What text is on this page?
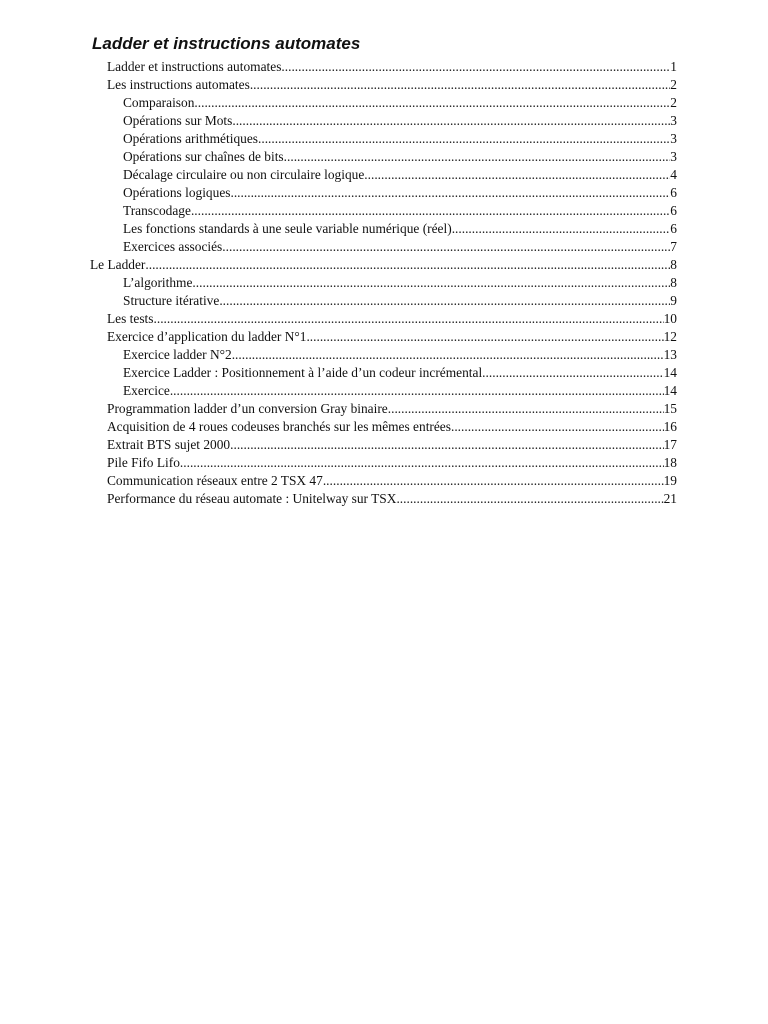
Ladder et instructions automates
Ladder et instructions automates .....	1
Les instructions automates .....	2
Comparaison .....	2
Opérations sur Mots .....	3
Opérations arithmétiques .....	3
Opérations sur chaînes de bits .....	3
Décalage circulaire ou non circulaire logique .....	4
Opérations logiques .....	6
Transcodage .....	6
Les fonctions standards à une seule variable numérique (réel) .....	6
Exercices associés .....	7
Le Ladder .....	8
L’algorithme .....	8
Structure itérative .....	9
Les tests .....	10
Exercice d’application du ladder N°1 .....	12
Exercice ladder N°2 .....	13
Exercice Ladder : Positionnement à l’aide d’un codeur incrémental .....	14
Exercice .....	14
Programmation ladder d’un conversion Gray binaire .....	15
Acquisition de 4 roues codeuses branchés sur les mêmes entrées .....	16
Extrait BTS sujet 2000 .....	17
Pile Fifo Lifo .....	18
Communication réseaux entre 2 TSX 47 .....	19
Performance du réseau automate : Unitelway sur TSX .....	21
